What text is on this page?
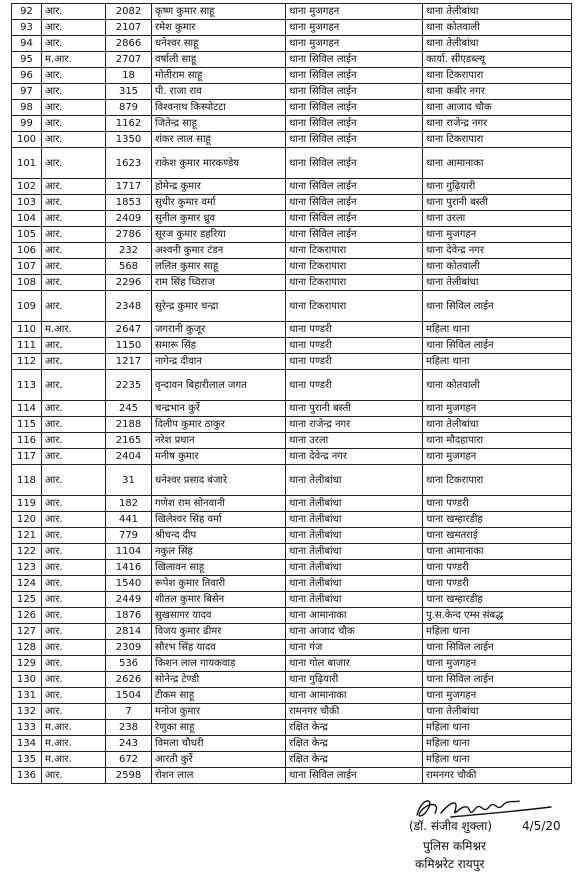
92	आर.	2082	कृष्ण कुमार साहू	थाना मुजगहन	थाना तेलीबांधा
93	आर.	2107	रमेश कुमार	थाना मुजगहन	थाना कोतवाली
94	आर.	2866	धनेश्वर साहू	थाना मुजगहन	थाना तेलीबांधा
95	म.आर.	2707	वर्षाली साहू	थाना सिविल लाईन	कार्या. सीएडब्ल्यू
96	आर.	18	मोतीराम साहू	थाना सिविल लाईन	थाना टिकरापारा
97	आर.	315	पी. राजा राव	थाना सिविल लाईन	थाना कबीर नगर
98	आर.	879	विश्वनाथ किस्पोटटा	थाना सिविल लाईन	थाना आजाद चौक
99	आर.	1162	जितेन्द्र साहू	थाना सिविल लाईन	थाना राजेन्द्र नगर
100	आर.	1350	शंकर लाल साहू	थाना सिविल लाईन	थाना टिकरापारा
101	आर.	1623	राकेश कुमार मारकण्डेय	थाना सिविल लाईन	थाना आमानाका
102	आर.	1717	होमेन्द्र कुमार	थाना सिविल लाईन	थाना गुढ़ियारी
103	आर.	1853	सुधीर कुमार वर्मा	थाना सिविल लाईन	थाना पुरानी बस्ती
104	आर.	2409	सुनील कुमार ध्रुव	थाना सिविल लाईन	थाना उरला
105	आर.	2786	सूरज कुमार डहरिया	थाना सिविल लाईन	थाना मुजगहन
106	आर.	232	अश्वनी कुमार टंडन	थाना टिकरापारा	थाना देवेन्द्र नगर
107	आर.	568	ललित कुमार साहू	थाना टिकरापारा	थाना कोतवाली
108	आर.	2296	राम सिंह ध्विराज	थाना टिकरापारा	थाना तेलीबांधा
109	आर.	2348	सुरेन्द्र कुमार चन्द्रा	थाना टिकरापारा	थाना सिविल लाईन
110	म.आर.	2647	जगरानी कुजूर	थाना पण्डरी	महिला थाना
111	आर.	1150	समारू सिंह	थाना पण्डरी	थाना सिविल लाईन
112	आर.	1217	नागेन्द्र दीवान	थाना पण्डरी	महिला थाना
113	आर.	2235	वृन्दावन बिहारीलाल जगत	थाना पण्डरी	थाना कोतवाली
114	आर.	245	चन्द्रभान कुर्रे	थाना पुरानी बस्ती	थाना मुजगहन
115	आर.	2188	दिलीप कुमार ठाकुर	थाना राजेन्द्र नगर	थाना तेलीबांधा
116	आर.	2165	नरेश प्रधान	थाना उरला	थाना मौदहापारा
117	आर.	2404	मनीष कुमार	थाना देवेन्द्र नगर	थाना मुजगहन
118	आर.	31	धनेश्वर प्रसाद बंजारे	थाना तेलीबांधा	थाना टिकरापारा
119	आर.	182	गणेश राम सोनवानी	थाना तेलीबांधा	थाना पण्डरी
120	आर.	441	खिलेश्वर सिंह वर्मा	थाना तेलीबांधा	थाना खम्हारडीह
121	आर.	779	श्रीचन्द दीप	थाना तेलीबांधा	थाना खमतराई
122	आर.	1104	नकुल सिंह	थाना तेलीबांधा	थाना आमानाका
123	आर.	1416	खिलावन साहू	थाना तेलीबांधा	थाना पण्डरी
124	आर.	1540	रूपेश कुमार तिवारी	थाना तेलीबांधा	थाना पण्डरी
125	आर.	2449	शीतल कुमार बिसेन	थाना तेलीबांधा	थाना खम्हारडीह
126	आर.	1876	सुखसागर यादव	थाना आमानाका	पु.स.केन्द एम्स संबद्ध
127	आर.	2814	विजय कुमार ढीमर	थाना आजाद चौक	महिला थाना
128	आर.	2309	सौरभ सिंह यादव	थाना गंज	थाना सिविल लाईन
129	आर.	536	किशन लाल गायकवाड़	थाना गोल बाजार	थाना मुजगहन
130	आर.	2626	सोनेन्द्र टेण्डी	थाना गुढ़ियारी	थाना सिविल लाईन
131	आर.	1504	टीकम साहू	थाना आमानाका	थाना मुजगहन
132	आर.	7	मनोज कुमार	रामनगर चौकी	थाना तेलीबांधा
133	म.आर.	238	रेणुका साहू	रक्षित केन्द्र	महिला थाना
134	म.आर.	243	विमला चौधरी	रक्षित केन्द्र	महिला थाना
135	म.आर.	672	आरती कुर्रे	रक्षित केन्द्र	महिला थाना
136	आर.	2598	रोशन लाल	थाना सिविल लाईन	रामनगर चौकी
(डॉ. संजीव शुक्ला) 4/5/20
पुलिस कमिश्नर
कमिश्नरेट रायपुर
